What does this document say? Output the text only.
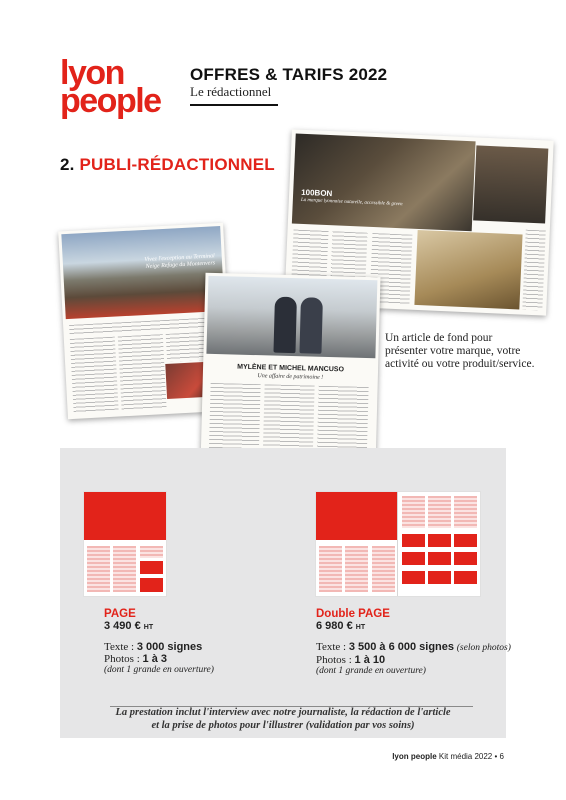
lyon
people
OFFRES & TARIFS 2022
Le rédactionnel
2. PUBLI-RÉDACTIONNEL
100BON
La marque lyonnaise naturelle, accessible & green
Vivez l'exception au Terminal Neige Refuge du Montenvers
MYLÈNE ET MICHEL MANCUSO
Une affaire de patrimoine !
Un article de fond pour présenter votre marque, votre activité ou votre produit/service.
PAGE
3 490 € HT
Texte : 3 000 signes
Photos : 1 à 3
(dont 1 grande en ouverture)
Double PAGE
6 980 € HT
Texte : 3 500 à 6 000 signes (selon photos)
Photos : 1 à 10
(dont 1 grande en ouverture)
La prestation inclut l'interview avec notre journaliste, la rédaction de l'article
et la prise de photos pour l'illustrer (validation par vos soins)
lyon people Kit média 2022 • 6
